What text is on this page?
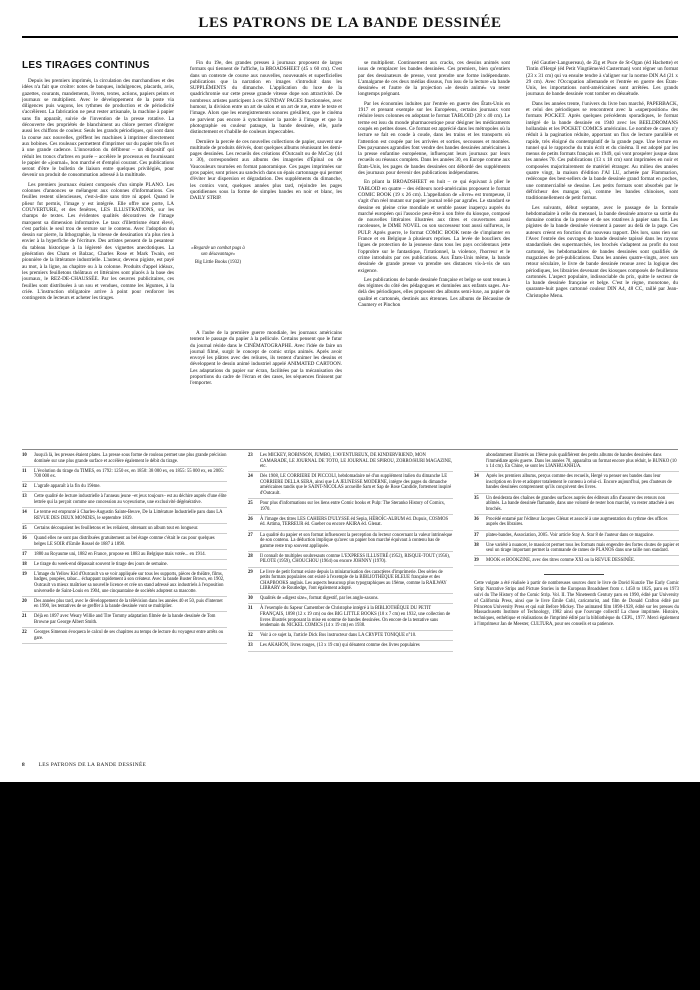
LES PATRONS DE LA BANDE DESSINÉE
LES TIRAGES CONTINUS

Depuis les premiers imprimés, la circulation des marchandises et des idées n'a fait que croître: notes de banques, indulgences, placards, avis, gazettes, courants, mandements, livrets, textes, actions, papiers peints et journaux se multiplient. Avec le développement de la poste via diligences puis wagons, les rythmes de production et de périodicité s'accélèrent. La fabrication ne peut rester artisanale, la machine à papier sans fin apparaît, suivie de l'invention de la presse rotative. La découverte des propriétés de blanchiment au chlore permet d'intégrer aussi les chiffons de couleur. Seuls les grands périodiques, qui sont dans la course aux nouvelles, gréffent les machines à imprimer directement aux bobines. Ces rouleaux permettent d'imprimer sur du papier très fin et à une grande cadence. L'innovation du défibreur – un dispositif qui réduit les troncs d'arbres en purée – accélère le processus en fournissant le papier de «journal», bon marché et d'emploi courant. Ces publications seront d'être le bulletin de liaison entre quelques privilégiés, pour devenir un produit de consommation adressé à la multitude.

Les premiers journaux étaient composés d'un simple PLANO. Les colonnes d'annonces se mélangent aux colonnes d'informations. Ces feuilles restent silencieuses, c'est-à-dire sans titre ni appel. Quand le plieur fut permis, l'image y est intégrée. Elle offre une porte, LA COUVERTURE, et des fenêtres, LES ILLUSTRATIONS, sur les champs de textes. Les évidentes qualités décoratives de l'image marquent sa dimension informative. Le taux d'illettrisme étant élevé, c'est parfois le seul trou de serrure sur le contenu. Avec l'adoption du dessin sur pierre, la lithographie, la vitesse de dessination n'a plus rien à envier à la hyperfiche de l'écriture. Des artistes pensent de la pesanteur du tableau historique à la légèreté des vignettes anecdotiques. La génération des Cham et Balzac, Charles Rose et Mark Twain, est pionnière de la littérature industrielle. L'auteur, devenu pigiste, est payé au mot, à la ligne, au chapitre ou à la colonne. Produits d'appel idéaux, les premiers feuilletons théâtraux et littéraires sont placés à la base des journaux, le REZ-DE-CHAUSSÉE. Par les oeuvres publicitaires, ces feuilles sont distribuées à un sou et vendues, comme les légumes, à la criée. L'instruction obligatoire arrive à point pour renforcer les contingents de lecteurs et acheter les tirages.

Fin du 19e, des grandes presses à journaux proposent de larges formats qui tiennent de l'affiche, la BROADSHEET (45 x 60 cm). C'est dans un contexte de course aux nouvelles, nouveautés et superficielles publications que la narration en images s'introduit dans les SUPPLÉMENTS du dimanche. L'application du luxe de la quadrichromie sur cette presse grande vitesse dope son attractivité. De nombreux artistes participent à ces SUNDAY PAGES fractionnées, avec humour, la division entre un art de salon et un art de rue, entre le texte et l'image. Alors que les enregistrements sonores grésillent, que le cinéma ne parvient pas encore à synchroniser la parole à l'image et que la photographie en couleur patauge, la bande dessinée, elle, parle distinctement et s'habille de couleurs impeccables.

Dernière la percée de ces nouvelles collections de papier, sauvent une multitude de produits dérivés, dont quelques albums réunissant les demi-pages dessinées. Les recueils des créations d'Outcault ou de McCay (44 x 30), correspondent aux albums des imageries d'Épinal ou de Vaucouleurs tournées en format panoramique. Ces pages imprimées sur gros papier, sont prises au sandwich dans un épais cartonnage qui permet d'éviter leur dispersion et dégradation. Des suppléments du dimanche, les comics vont, quelques années plus tard, rejoindre les pages quotidiennes sous la forme de simples bandes en noir et blanc, les DAILY STRIP.

«Regarde un combat pugs à son désavantage»
Big Little Books (1932)

À l'aube de la première guerre mondiale, les journaux américains tentent le passage du papier à la pellicule. Certains pensent que le futur du journal réside dans le CINÉMATOGRAPHE. Avec l'idée de faire un journal filmé, surgit le concept de comic strips animés. Après avoir envoyé les plâtres avec des reliures, ils tentent d'animer les dessins et développent le dessin animé industriel appelé ANIMATED CARTOON. Les adaptations du papier sur écran, facilitées par la mécanisation des proportions du cadre de l'écran et des cases, les séquences finissent par l'emporter.

se multiplient. Continuement aux cracks, ces dessins animés sont issus de remplacer les bandes dessinées. Ces premiers, bien qu'entiers par des dessinateurs de presse, vont prendre une forme indépendante. L'amalgame de ces deux médias dissous, l'un issu de la lecture «la bande dessinée» et l'autre de la projection «le dessin animé» va rester longtemps prégnant.

Par les économies induites par l'entrée en guerre des États-Unis en 1917 et prenant exemple sur les Européens, certains journaux vont réduire leurs colonnes en adoptant le format TABLOID (28 x 40 cm). Le terme est issu du monde pharmaceutique pour désigner les médicaments coupés en petites doses. Ce format est apprécié dans les métropoles où la lecture se fait en coude à coude, dans les trains et les transports où l'attention est coupée par les arrivées et sorties, secousses et montées. Des paysannes agrandies font vendre des bandes dessinées américaines à la presse enfantine européenne, influençant leurs journaux par leurs recueils ou réseaux complets. Dans les années 30, en Europe comme aux États-Unis, les pages de bandes dessinées ont débordé des suppléments des journaux pour devenir des publications indépendantes.

En pliant la BROADSHEET en huit – ce qui équivaut à plier le TABLOID en quatre – des éditeurs nord-américains proposent le format COMIC BOOK (19 x 26 cm). L'appellation de «livre» est trompeuse, il s'agit d'un réel mutant sur papier journal relié par agrafes. Le standard se dessine en pleine crise mondiale et semble passer inaperçu auprès du marché européen qui l'associe peut-être à son frère du kiosque, composé de nouvelles littéraires illustrées aux titres et couvertures aussi racoleuses, le DIME NOVEL ou son successeur tout aussi sulfureux, le PULP. Après guerre, le format COMIC BOOK tente de s'implanter en France et en Belgique à plusieurs reprises. La levée de boucliers des ligues de protection de la jeunesse dans tous les pays occidentaux jette l'opprobre sur le fantastique, l'irrationnel, la violence, l'horreur et le crime introduits par ces publications. Aux États-Unis même, la bande dessinée de grande presse va prendre ses distances vis-à-vis de son exigence.

Les publications de bande dessinée française et belge se sont tenues à des régimes du côté des pédagogues et dominées aux enfants sages. Au-delà des périodiques, elles proposent des albums semi-luxe, au papier de qualité et cartonnés, destinés aux étrennes. Les albums de Bécassine de Caumery et Pinchon

(éd Gautier-Languereau), de Zig et Puce de St-Ogan (éd Hachette) et Tintin d'Hergé (éd Petit Vingtième/éd Casterman) vont régner un format (23 x 31 cm) qui va ensuite tendre à s'aligner sur la norme DIN A4 (21 x 29 cm). Avec l'Occupation allemande et l'entrée en guerre des États-Unis, les importations nord-américaines sont arrêtées. Les grands journaux de bande dessinée vont tomber en désuétude.

Dans les années trente, l'univers du livre bon marché, PAPERBACK, et celui des périodiques se rencontrent avec la «superposition» des formats POCKET. Après quelques précédents sporadiques, le format intégré de la bande dessinée en 1940 avec les BEELDROMANS hollandais et les POCKET COMICS américains. Le nombre de cases n'y réduit à la pagination réduite, apportant un flux de lecture parallèle et rapide, très éloigné du contemplatif de la grande page. Une lecture en tunnel qui le rapproche du train écrit et du cinéma. Il est adopté par les menus de petits formats français en 1949, qui vont prospérer jusque dans les années 70. Ces publications (13 x 18 cm) sont imprimées en noir et composées majoritairement de matériel étranger. Au milieu des années quatre vingt, la maison d'édition J'AI LU, achetée par Flammarion, redécoupe des best-sellers de la bande dessinée grand format en poches, une commercialité se dessine. Les petits formats sont absorbés par le défricheur des mangas qui, comme les bandes chinoises, sont traditionnellement de petit format.

Les suivants, début septante, avec le passage de la formule hebdomadaire à celle du mensuel, la bande dessinée amorce sa sortie du domaine continu de la presse et de ses rotatives à papier sans fin. Les pigistes de la bande dessinée viennent à passer au delà de la page. Ces auteurs créent en fonction d'un nouveau rapport. Dès lors, sans rien sur l'Avec l'entrée des ouvrages de bande dessinée tapissé dans les rayons standardisés des supermarchés, les brochés s'adaptent au profit du tout cartonné, les hebdomadaires de bandes dessinées sont qualifiés de magazines de pré-publications. Dans les années quatre-vingts, avec son retour séculaire, le livre de bande dessinée renoue avec la logique des périodiques, les librairies devenant des kiosques composés de feuilletons cartonnés. L'aspect populaire, indissociable du prix, quitte le secteur de la bande dessinée française et belge. C'est le règne, monotone, du quarante-huit pages cartonné couleur DIN A4, 48 CC, raillé par Jean-Christophe Menu.

10	Jusqu'à là, les presses étaient plates. La presse sous forme de rouleau permet une plus grande précision dominée sur une plus grande surface et accélère également le débit du tirage.
11	L'évolution du tirage du TIMES, en 1792: 1250 ex, en 1850: 38 000 ex, en 1855: 55 000 ex, en 2005: 700 000 ex.
12	L'agrafe apparaît à la fin du 19ème.
13	Cette qualité de lecture industrielle à l'anneau jeune –et jeux toujours– est au déchire auprès d'une élite lettrée qui la perçoit comme une concession au voyeurisme, une exclusivité dégénérative.
14	Le terme est emprunté à Charles-Augustin Sainte-Beuve, De la Littérature Industrielle paru dans LA REVUE DES DEUX MONDES, le septembre 1839.
15	Certains découpaient les feuilletons et les reliaient, obtenant un album tout en longueur.
16	Quand elles ne sont pas distribuées gratuitement au bel étage comme c'était le cas pour quelques belges LE SOIR d'Emile Rossel de 1887 à 1898.
17	1880 au Royaume uni, 1882 en France, propose en 1883 au Belgique mais votée... en 1914.
18	Le tirage du week-end dépassait souvent le tirage des jours de semaine.
19	L'image du Yellow Kid d'Outcault va se voir appliquée sur tous les supports, pièces de théâtre, films, badges, poupées, tabac... échappant rapidement à son créateur. Avec la bande Buster Brown, en 1902, Outcault va mieux maîtriser sa nouvelle licence et crée un stand adressé aux industriels à l'exposition universelle de Saint-Louis en 1904, une cinquantaine de sociétés adoptent sa mascotte.
20	Des années plus tard, avec le développement de la télévision dans les années 40 et 50, puis d'internet en 1990, les tentatives de se greffer à la bande dessinée vont se multiplier.
21	Déjà en 1897 avec Weary Willie and Tire Tommy adaptation filmée de la bande dessinée de Tom Browne par George Albert Smith.
22	Georges Simenon évoquera le calcul de ses chapitres au temps de lecture du voyageur entre arrêts ou gare.
23	Les MICKEY, ROBINSON, JUMBO, L'AVENTUREUX, DE KINDERVRIEND, MON CAMARADE, LE JOURNAL DE TOTO, LE JOURNAL DE SPIROU, ZORRO/HURI MAGAZINE, etc.
24	Dès 1908, LE CORRIERE DI PICCOLI, hebdomadaire né d'un supplément italien du dimanche LE CORRIERE DELLA SERA, ainsi que LA JEUNESSE MODERNE, intègre des pages du dimanche américaines tandis que le SAINT-NICOLAS accueille Sam et Sap de Rose Candide, fortement inspiré d'Outcault.
25	Pour plus d'informations sur les liens entre Comic books et Pulp: The Steranko History of Comics, 1970.
26	À l'image des titres LES CAHIERS D'ULYSSE éd Sepia, HÉROÏC-ALBUM éd. Dupuis, COSMOS éd. Artima, TERREUR éd. Gueber ou encore AKIRA éd. Glenat.
27	La qualité du papier et son format influencent la perception du lecteur concernant la valeur intrinsèque de son contenu. La déduction implique qu'avec un papier bon marché équivaut à contenu bas de gamme reste trop souvent appliquée.
28	Il connaît de multiples soubresauts comme L'EXPRESS ILLUSTRÉ (1952), RISQUE-TOUT (1956), PILOTE (1959), CHOUCHOU (1964) ou encore JOHNNY (1970).
29	Le livre de petit format existe depuis la miniaturisation des caractères d'imprimerie. Des séries de petits formats populaires ont existé à l'exemple de la BIBLIOTHÈQUE BLEUE française et des CHAPBOOKS anglais. Les aspects beaucoup plus typographiques au 19ème, comme la RAILWAY LIBRARY de Routledge, l'ont également adopté.
30	Qualités de «digest size», format digestif, par les anglo-saxons.
31	À l'exemple du Sapeur Camember de Christophe intégré à la BIBLIOTHÈQUE DU PETIT FRANÇAIS, 1898 (12 x 19 cm) ou des BIG LITTLE BOOKS (10 x 7 cm) en 1932, une collection de livres illustrés proposant la mise en somme de bandes dessinées. On encore de la tentative sans lendemain du NICKEL COMICS (14 x 19 cm) en 1938.
32	Voir à ce sujet la, l'article Dick Bos instructeur dans LA CRYPTE TONIQUE n°10.
33	Les AKAHON, livres rouges, (13 x 19 cm) qui dénatent comme des livres populaires
abondamment illustrés au 19ème puis qualifièrent des petits albums de bandes dessinées dans l'immédiate après guerre. Dans les années 70, apparaîtra un format encore plus réduit, le BUNKO (10 x 14 cm). En Chine, se sont les LIANHUANHUA.
34	Après les premiers albums, perçus comme des recueils, Hergé va penser ses bandes dans leur inscription en livre et adopter totalement le contenu à celui-ci. Encore aujourd'hui, peu d'auteurs de bandes dessinées comprennent qu'ils conçoivent des livres.
35	Un desiderata des chaînes de grandes surfaces auprès des éditeurs afin d'assurer des retours non abîmés. La bande dessinée flamande, dans une volonté de rester bon marché, va rester attachée à ses brochés.
36	Procédé entamé par l'éditeur Jacques Glénat et associé à une augmentation du rythme des offices auprès des libraires.
37	plates-bandes, Association, 2005. Voir article Stay A. Star 8 de l'auteur dans ce magazine.
38	Une variété à nuancer, le massicot permet tous les formats mais engendre des fortes chutes de papier et seul un tirage important permet la commande de rames de PLANOS dans une taille non standard.
39	MOOK et BOOKZINE, avec des titres comme XXI ou la REVUE DESSINÉE.
Cette vulgate a été réalisée à partir de nombreuses sources dont le livre de David Kunzle The Early Comic Strip: Narrative Strips and Picture Stories in the European Broadsheet from c. 1450 to 1825, paru en 1973 suivi du The History of the Comic Strip. Vol. II. The Nineteenth Century paru en 1990, édité par University of California Press, ainsi que le livre Émile Cohl, caricaturist, and film de Donald Crafton édité par Princeton University Press et qui suit Before Mickey. The animated film 1898-1928, édité sur les presses du Massachusetts Institute of Technology, 1982 ainsi que l'ouvrage collectif La chose imprimée. Histoire, techniques, esthétique et réalisations de l'imprimé édité par la bibliothèque du CEPL, 1977. Merci également à l'imprimeur Jan de Meester, CULTURA, pour ses conseils et sa patience.
8	LES PATRONS DE LA BANDE DESSINÉE
